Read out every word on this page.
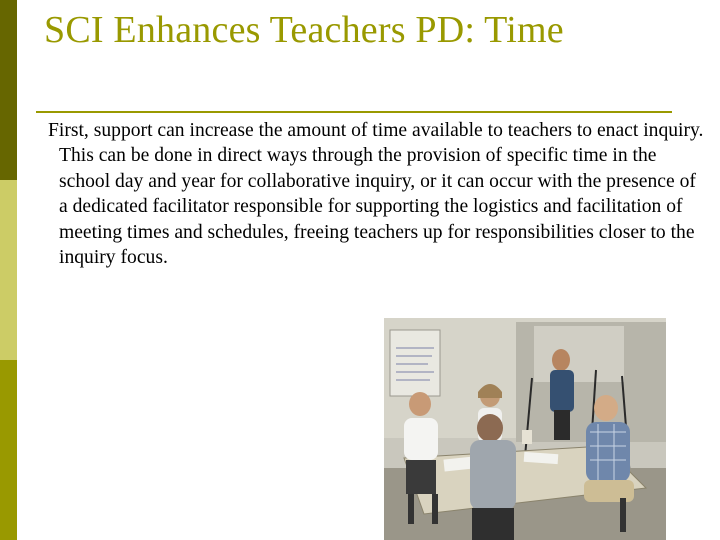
SCI Enhances Teachers PD: Time

First, support can increase the amount of time available to teachers to enact inquiry. This can be done in direct ways through the provision of specific time in the school day and year for collaborative inquiry, or it can occur with the presence of a dedicated facilitator responsible for supporting the logistics and facilitation of meeting times and schedules, freeing teachers up for responsibilities closer to the inquiry focus.
